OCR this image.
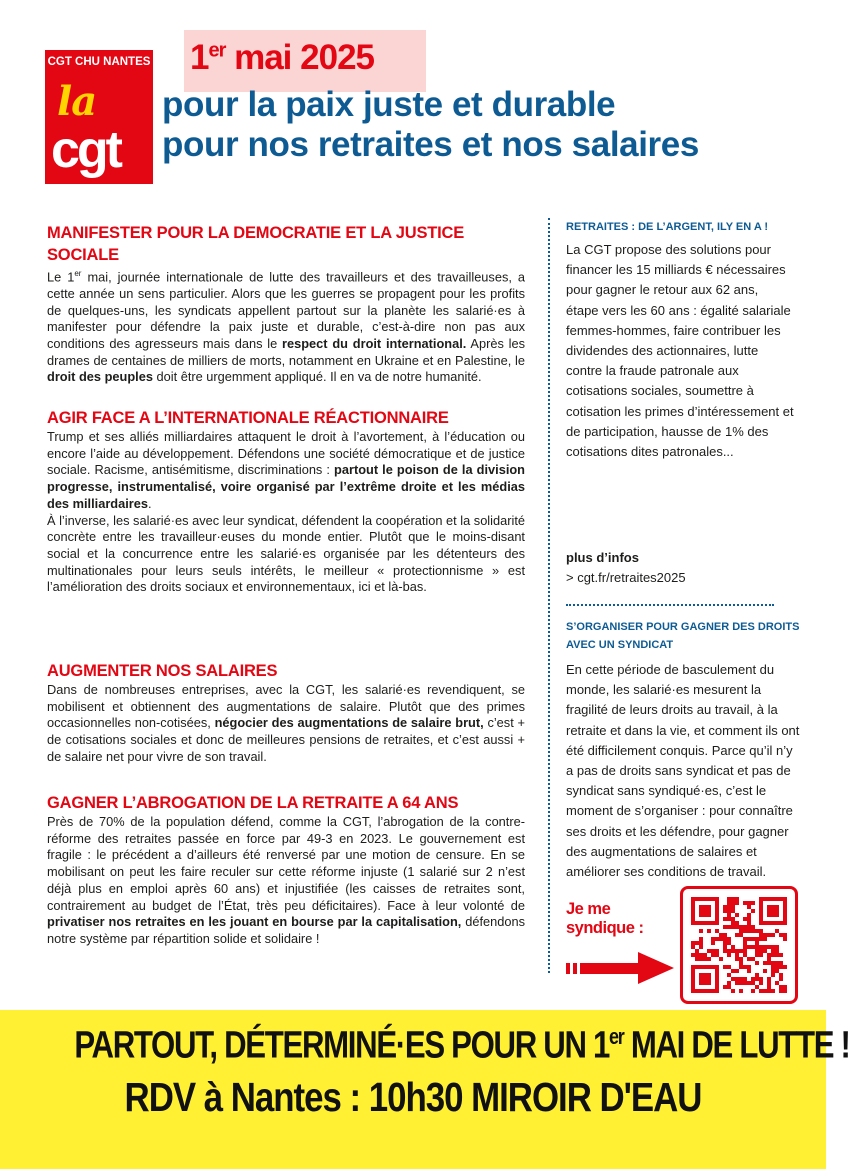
CGT CHU NANTES
la
cgt
1er mai 2025
pour la paix juste et durable
pour nos retraites et nos salaires
MANIFESTER POUR LA DEMOCRATIE ET LA JUSTICE SOCIALE

Le 1er mai, journée internationale de lutte des travailleurs et des travailleuses, a cette année un sens particulier. Alors que les guerres se propagent pour les profits de quelques-uns, les syndicats appellent partout sur la planète les salarié·es à manifester pour défendre la paix juste et durable, c’est-à-dire non pas aux conditions des agresseurs mais dans le respect du droit international. Après les drames de centaines de milliers de morts, notamment en Ukraine et en Palestine, le droit des peuples doit être urgemment appliqué. Il en va de notre humanité.

AGIR FACE A L’INTERNATIONALE RÉACTIONNAIRE

Trump et ses alliés milliardaires attaquent le droit à l’avortement, à l’éducation ou encore l’aide au développement. Défendons une société démocratique et de justice sociale. Racisme, antisémitisme, discriminations : partout le poison de la division progresse, instrumentalisé, voire organisé par l’extrême droite et les médias des milliardaires.

À l’inverse, les salarié·es avec leur syndicat, défendent la coopération et la solidarité concrète entre les travailleur·euses du monde entier. Plutôt que le moins-disant social et la concurrence entre les salarié·es organisée par les détenteurs des multinationales pour leurs seuls intérêts, le meilleur « protectionnisme » est l’amélioration des droits sociaux et environnementaux, ici et là-bas.

AUGMENTER NOS SALAIRES

Dans de nombreuses entreprises, avec la CGT, les salarié·es revendiquent, se mobilisent et obtiennent des augmentations de salaire. Plutôt que des primes occasionnelles non-cotisées, négocier des augmentations de salaire brut, c’est + de cotisations sociales et donc de meilleures pensions de retraites, et c’est aussi + de salaire net pour vivre de son travail.

GAGNER L’ABROGATION DE LA RETRAITE A 64 ANS

Près de 70% de la population défend, comme la CGT, l’abrogation de la contre-réforme des retraites passée en force par 49-3 en 2023. Le gouvernement est fragile : le précédent a d’ailleurs été renversé par une motion de censure. En se mobilisant on peut les faire reculer sur cette réforme injuste (1 salarié sur 2 n’est déjà plus en emploi après 60 ans) et injustifiée (les caisses de retraites sont, contrairement au budget de l’État, très peu déficitaires). Face à leur volonté de privatiser nos retraites en les jouant en bourse par la capitalisation, défendons notre système par répartition solide et solidaire !

RETRAITES : DE L’ARGENT, ILY EN A !

La CGT propose des solutions pour financer les 15 milliards € nécessaires pour gagner le retour aux 62 ans, étape vers les 60 ans : égalité salariale femmes-hommes, faire contribuer les dividendes des actionnaires, lutte contre la fraude patronale aux cotisations sociales, soumettre à cotisation les primes d’intéressement et de participation, hausse de 1% des cotisations dites patronales...

plus d’infos
> cgt.fr/retraites2025
S’ORGANISER POUR GAGNER DES DROITS AVEC UN SYNDICAT

En cette période de basculement du monde, les salarié·es mesurent la fragilité de leurs droits au travail, à la retraite et dans la vie, et comment ils ont été difficilement conquis. Parce qu’il n’y a pas de droits sans syndicat et pas de syndicat sans syndiqué·es, c’est le moment de s’organiser : pour connaître ses droits et les défendre, pour gagner des augmentations de salaires et améliorer ses conditions de travail.

Je me syndique :
PARTOUT, DÉTERMINÉ·ES POUR UN 1er MAI DE LUTTE !
RDV à Nantes : 10h30 MIROIR D'EAU
